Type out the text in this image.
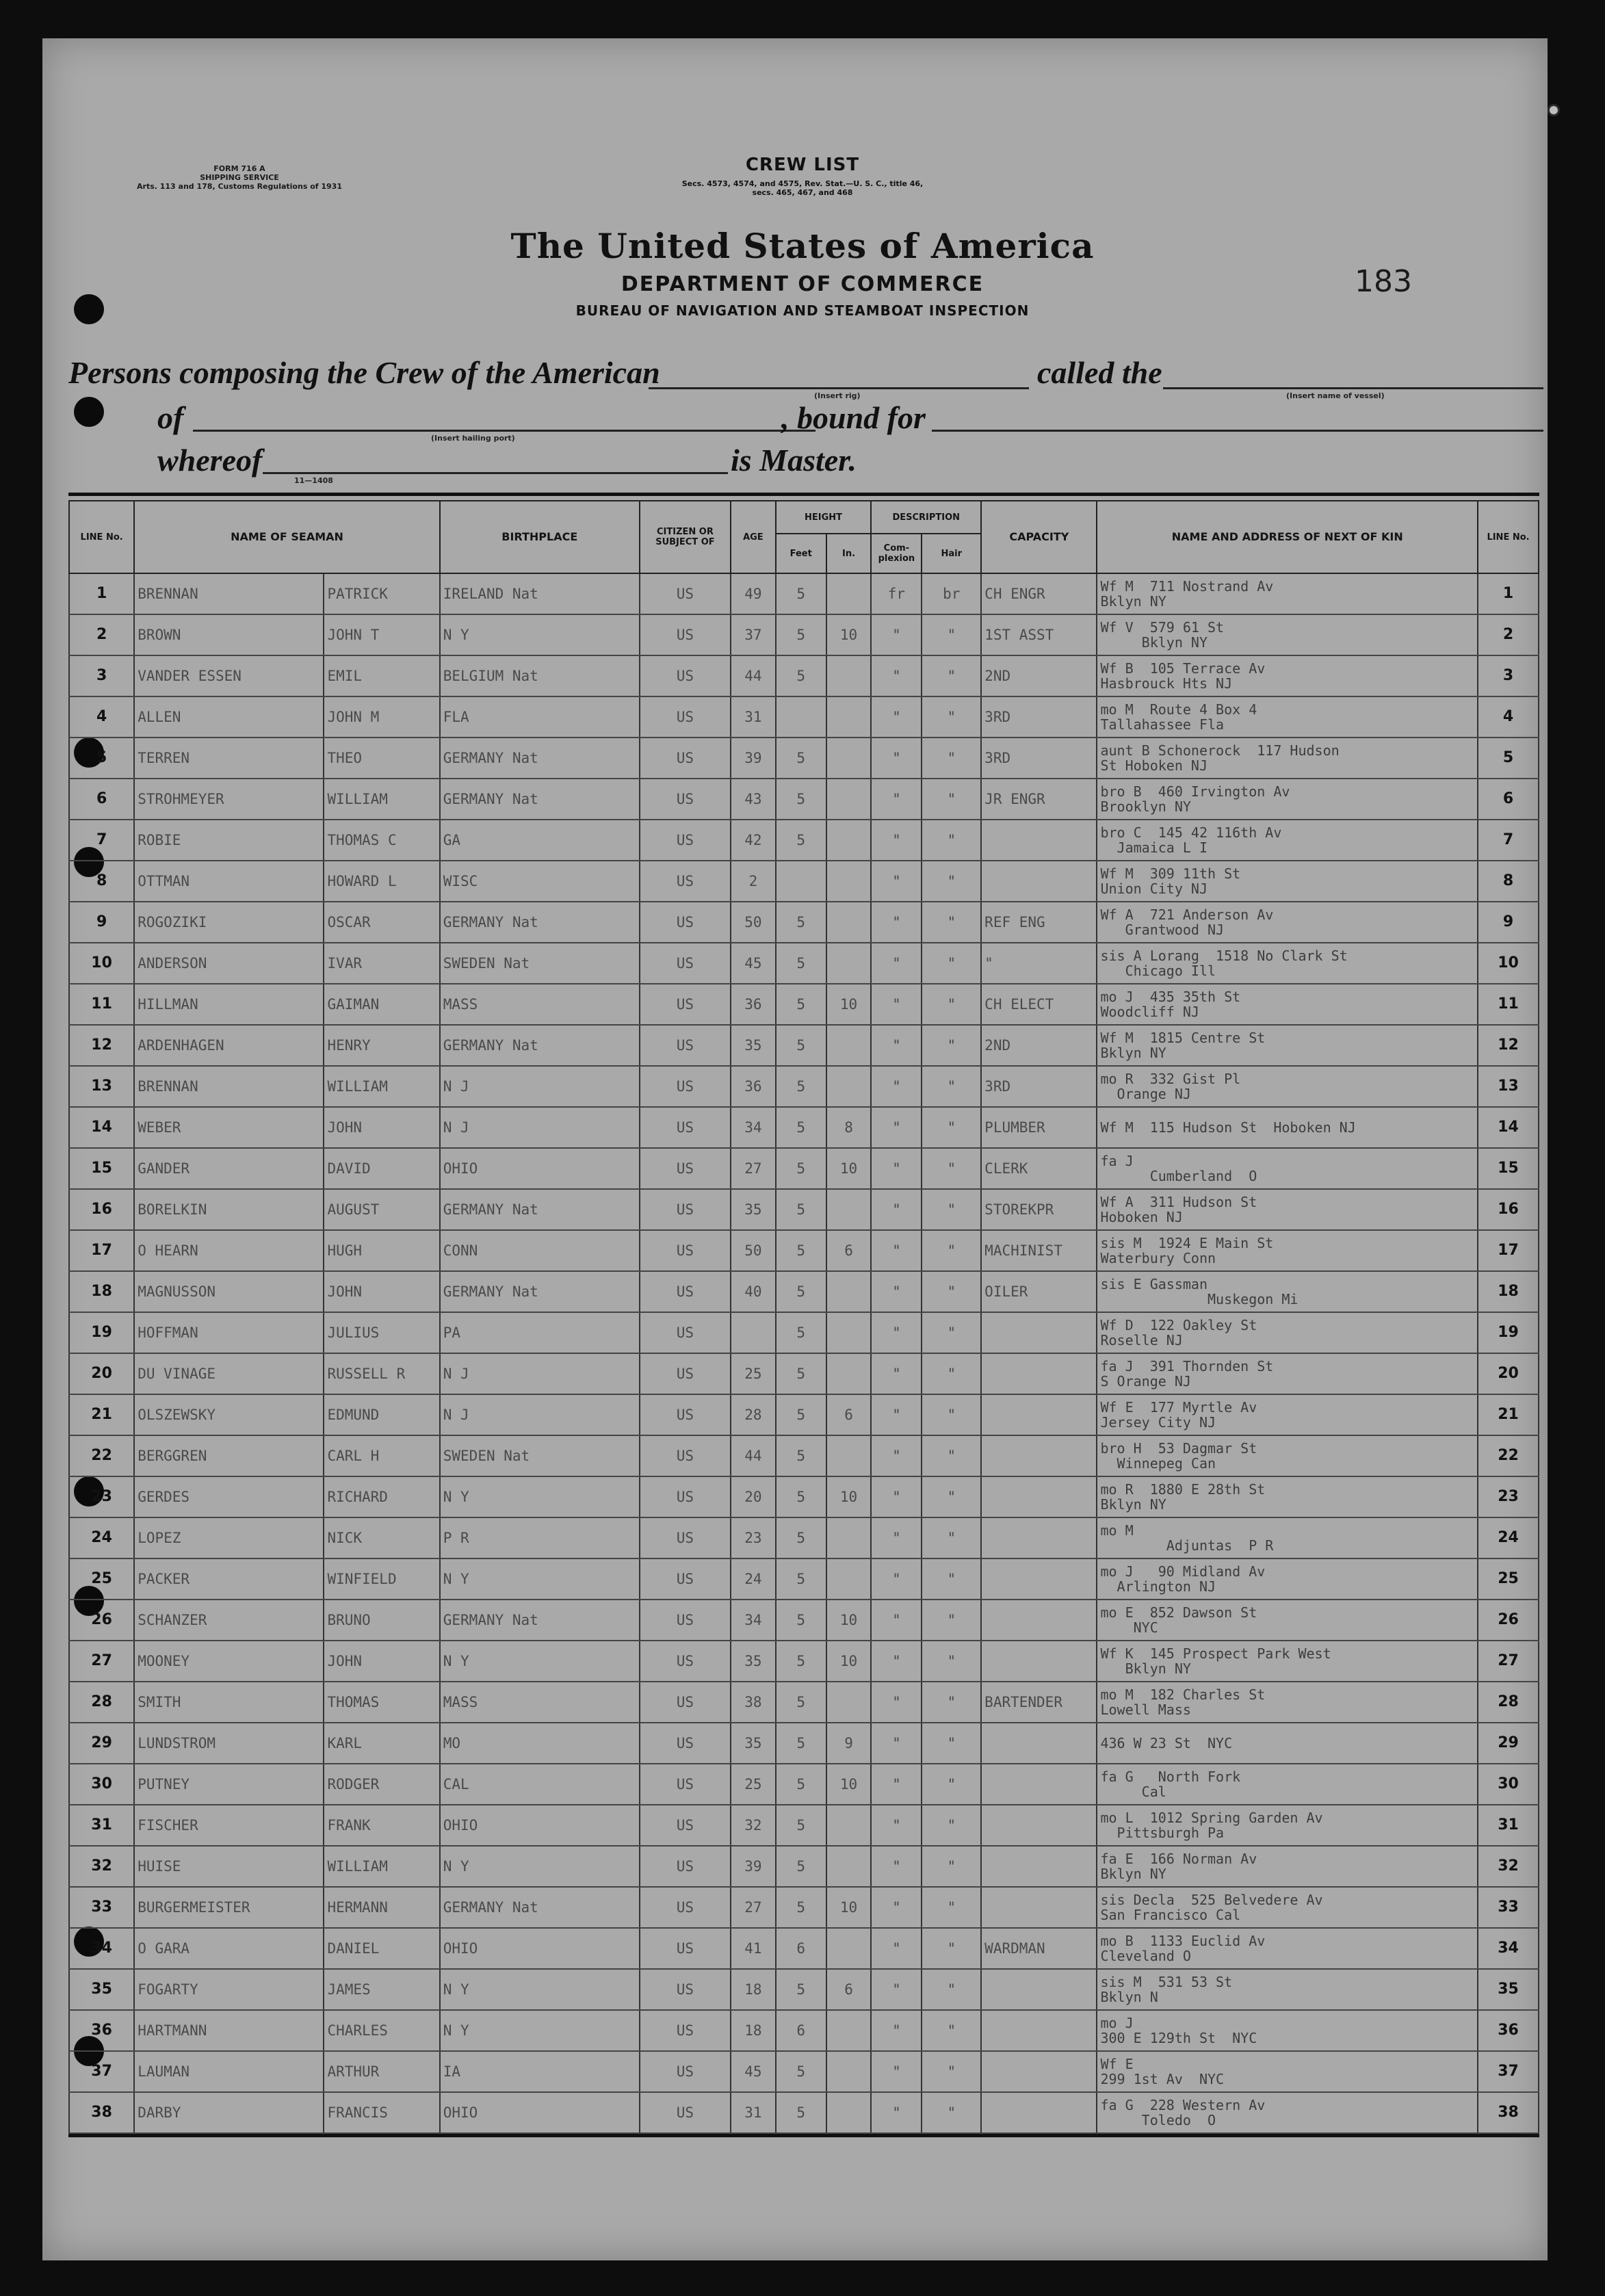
FORM 716 A
SHIPPING SERVICE
Arts. 113 and 178, Customs Regulations of 1931
CREW LIST
Secs. 4573, 4574, and 4575, Rev. Stat.—U. S. C., title 46,
secs. 465, 467, and 468
The United States of America
DEPARTMENT OF COMMERCE
BUREAU OF NAVIGATION AND STEAMBOAT INSPECTION
183
Persons composing the Crew of the American
(Insert rig)
called the
(Insert name of vessel)
of
(Insert hailing port)
, bound for
whereof	is Master.
11—1408
LINE No.	NAME OF SEAMAN		BIRTHPLACE	CITIZEN OR SUBJECT OF	AGE	HEIGHT		DESCRIPTION		CAPACITY	NAME AND ADDRESS OF NEXT OF KIN	LINE No.
						Feet	In.	Com-plexion	Hair			
1	BRENNAN	PATRICK	IRELAND Nat	US	49	5		fr	br	CH ENGR	Wf M  711 Nostrand Av
Bklyn NY	1
2	BROWN	JOHN T	N Y	US	37	5	10	"	"	1ST ASST	Wf V  579 61 St
Bklyn NY	2
3	VANDER ESSEN	EMIL	BELGIUM Nat	US	44	5		"	"	2ND	Wf B  105 Terrace Av
Hasbrouck Hts NJ	3
4	ALLEN	JOHN M	FLA	US	31			"	"	3RD	mo M  Route 4 Box 4
Tallahassee Fla	4
5	TERREN	THEO	GERMANY Nat	US	39	5		"	"	3RD	aunt B Schonerock  117 Hudson
St Hoboken NJ	5
6	STROHMEYER	WILLIAM	GERMANY Nat	US	43	5		"	"	JR ENGR	bro B  460 Irvington Av
Brooklyn NY	6
7	ROBIE	THOMAS C	GA	US	42	5		"	"		bro C  145 42 116th Av
Jamaica L I	7
8	OTTMAN	HOWARD L	WISC	US	2			"	"		Wf M  309 11th St
Union City NJ	8
9	ROGOZIKI	OSCAR	GERMANY Nat	US	50	5		"	"	REF ENG	Wf A  721 Anderson Av
Grantwood NJ	9
10	ANDERSON	IVAR	SWEDEN Nat	US	45	5		"	"	"	sis A Lorang  1518 No Clark St
Chicago Ill	10
11	HILLMAN	GAIMAN	MASS	US	36	5	10	"	"	CH ELECT	mo J  435 35th St
Woodcliff NJ	11
12	ARDENHAGEN	HENRY	GERMANY Nat	US	35	5		"	"	2ND	Wf M  1815 Centre St
Bklyn NY	12
13	BRENNAN	WILLIAM	N J	US	36	5		"	"	3RD	mo R  332 Gist Pl
Orange NJ	13
14	WEBER	JOHN	N J	US	34	5	8	"	"	PLUMBER	Wf M  115 Hudson St  Hoboken NJ	14
15	GANDER	DAVID	OHIO	US	27	5	10	"	"	CLERK	fa J
Cumberland  O	15
16	BORELKIN	AUGUST	GERMANY Nat	US	35	5		"	"	STOREKPR	Wf A  311 Hudson St
Hoboken NJ	16
17	O HEARN	HUGH	CONN	US	50	5	6	"	"	MACHINIST	sis M  1924 E Main St
Waterbury Conn	17
18	MAGNUSSON	JOHN	GERMANY Nat	US	40	5		"	"	OILER	sis E Gassman
Muskegon Mi	18
19	HOFFMAN	JULIUS	PA	US		5		"	"		Wf D  122 Oakley St
Roselle NJ	19
20	DU VINAGE	RUSSELL R	N J	US	25	5		"	"		fa J  391 Thornden St
S Orange NJ	20
21	OLSZEWSKY	EDMUND	N J	US	28	5	6	"	"		Wf E  177 Myrtle Av
Jersey City NJ	21
22	BERGGREN	CARL H	SWEDEN Nat	US	44	5		"	"		bro H  53 Dagmar St
Winnepeg Can	22
23	GERDES	RICHARD	N Y	US	20	5	10	"	"		mo R  1880 E 28th St
Bklyn NY	23
24	LOPEZ	NICK	P R	US	23	5		"	"		mo M
Adjuntas  P R	24
25	PACKER	WINFIELD	N Y	US	24	5		"	"		mo J   90 Midland Av
Arlington NJ	25
26	SCHANZER	BRUNO	GERMANY Nat	US	34	5	10	"	"		mo E  852 Dawson St
NYC	26
27	MOONEY	JOHN	N Y	US	35	5	10	"	"		Wf K  145 Prospect Park West
Bklyn NY	27
28	SMITH	THOMAS	MASS	US	38	5		"	"	BARTENDER	mo M  182 Charles St
Lowell Mass	28
29	LUNDSTROM	KARL	MO	US	35	5	9	"	"		436 W 23 St  NYC	29
30	PUTNEY	RODGER	CAL	US	25	5	10	"	"		fa G   North Fork
Cal	30
31	FISCHER	FRANK	OHIO	US	32	5		"	"		mo L  1012 Spring Garden Av
Pittsburgh Pa	31
32	HUISE	WILLIAM	N Y	US	39	5		"	"		fa E  166 Norman Av
Bklyn NY	32
33	BURGERMEISTER	HERMANN	GERMANY Nat	US	27	5	10	"	"		sis Decla  525 Belvedere Av
San Francisco Cal	33
34	O GARA	DANIEL	OHIO	US	41	6		"	"	WARDMAN	mo B  1133 Euclid Av
Cleveland O	34
35	FOGARTY	JAMES	N Y	US	18	5	6	"	"		sis M  531 53 St
Bklyn N	35
36	HARTMANN	CHARLES	N Y	US	18	6		"	"		mo J
300 E 129th St  NYC	36
37	LAUMAN	ARTHUR	IA	US	45	5		"	"		Wf E
299 1st Av  NYC	37
38	DARBY	FRANCIS	OHIO	US	31	5		"	"		fa G  228 Western Av
Toledo  O	38
